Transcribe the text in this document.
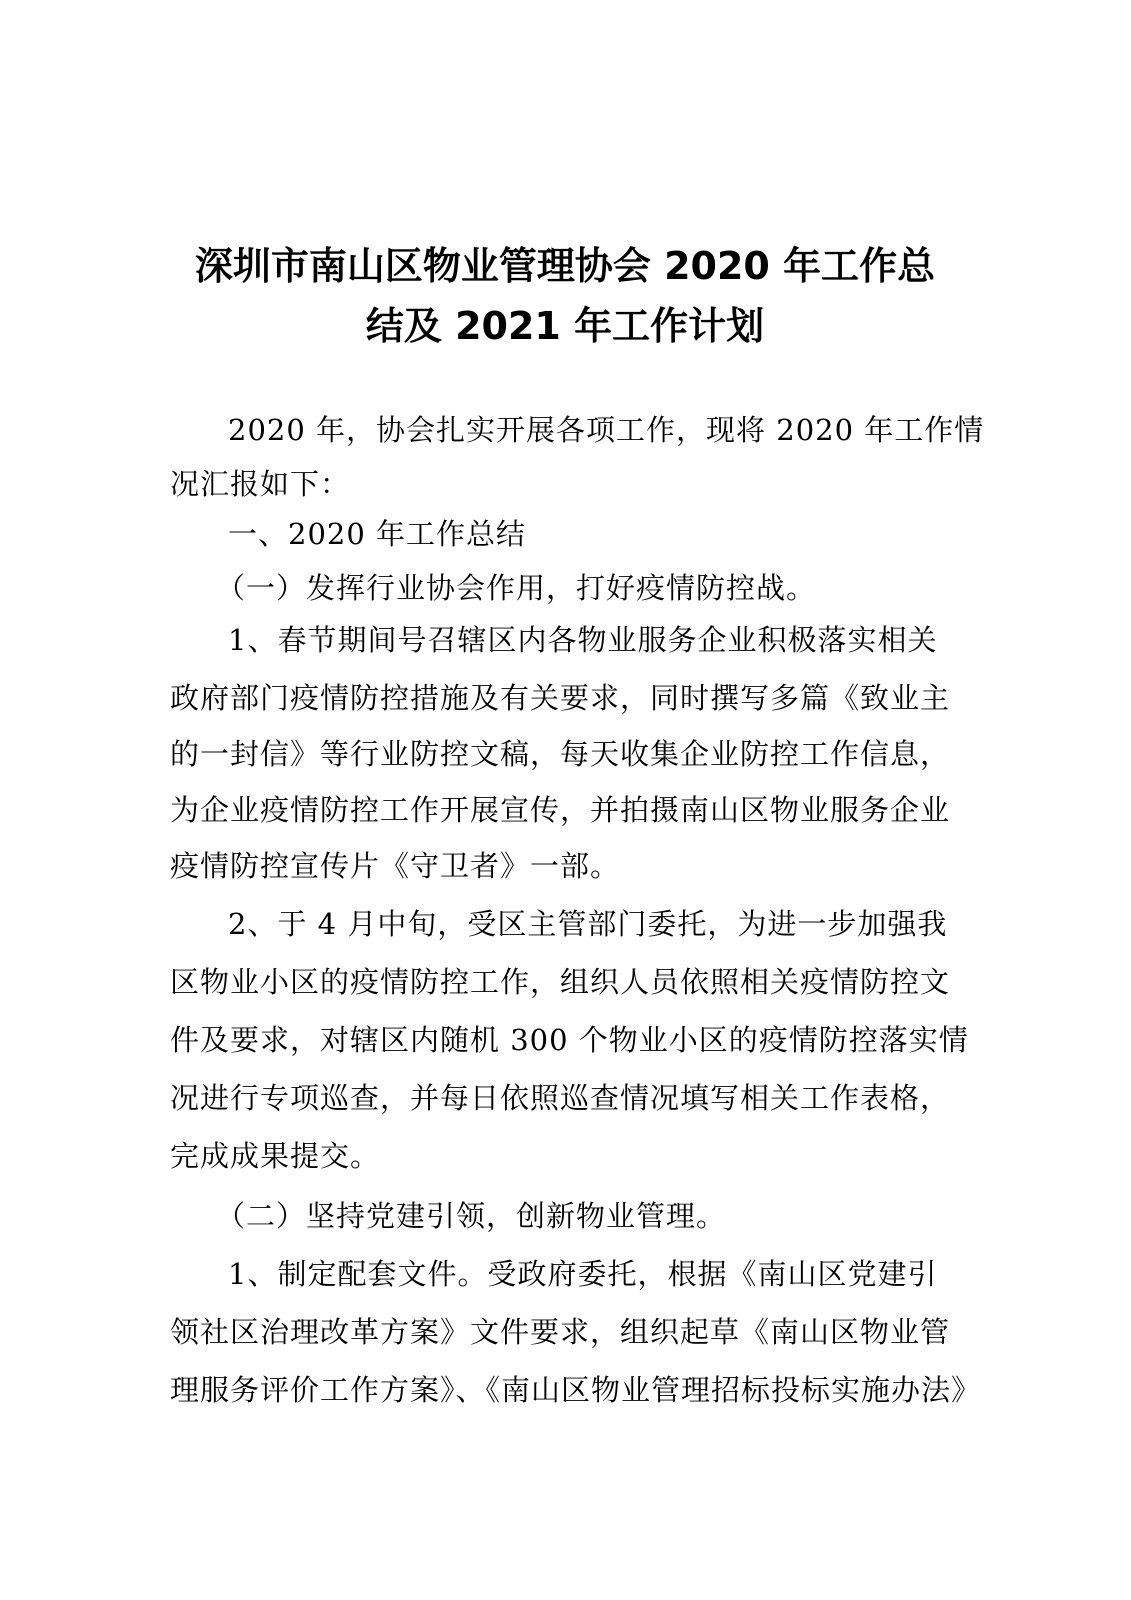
深圳市南山区物业管理协会 2020 年工作总
结及 2021 年工作计划
2020 年，协会扎实开展各项工作，现将 2020 年工作情
况汇报如下：
一、2020 年工作总结
（一）发挥行业协会作用，打好疫情防控战。
1、春节期间号召辖区内各物业服务企业积极落实相关
政府部门疫情防控措施及有关要求，同时撰写多篇《致业主
的一封信》等行业防控文稿，每天收集企业防控工作信息，
为企业疫情防控工作开展宣传，并拍摄南山区物业服务企业
疫情防控宣传片《守卫者》一部。
2、于 4 月中旬，受区主管部门委托，为进一步加强我
区物业小区的疫情防控工作，组织人员依照相关疫情防控文
件及要求，对辖区内随机 300 个物业小区的疫情防控落实情
况进行专项巡查，并每日依照巡查情况填写相关工作表格，
完成成果提交。
（二）坚持党建引领，创新物业管理。
1、制定配套文件。受政府委托，根据《南山区党建引
领社区治理改革方案》文件要求，组织起草《南山区物业管
理服务评价工作方案》、《南山区物业管理招标投标实施办法》
